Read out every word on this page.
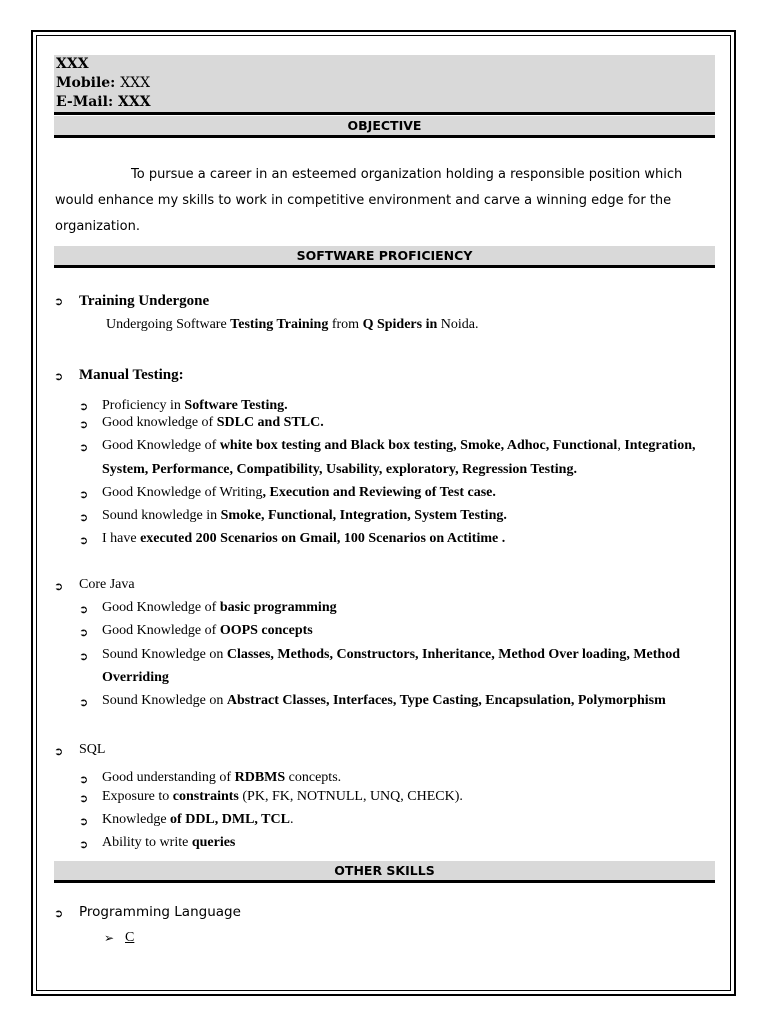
XXX
Mobile: XXX
E-Mail: XXX
OBJECTIVE
To pursue a career in an esteemed organization holding a responsible position which
would enhance my skills to work in competitive environment and carve a winning edge for the
organization.
SOFTWARE PROFICIENCY
➲ Training Undergone
Undergoing Software Testing Training from Q Spiders in Noida.
➲ Manual Testing:
➲ Proficiency in Software Testing.
➲ Good knowledge of SDLC and STLC.
➲ Good Knowledge of white box testing and Black box testing, Smoke, Adhoc, Functional, Integration,
System, Performance, Compatibility, Usability, exploratory, Regression Testing.
➲ Good Knowledge of Writing, Execution and Reviewing of Test case.
➲ Sound knowledge in Smoke, Functional, Integration, System Testing.
➲ I have executed 200 Scenarios on Gmail, 100 Scenarios on Actitime .
➲ Core Java
➲ Good Knowledge of basic programming
➲ Good Knowledge of OOPS concepts
➲ Sound Knowledge on Classes, Methods, Constructors, Inheritance, Method Over loading, Method
Overriding
➲ Sound Knowledge on Abstract Classes, Interfaces, Type Casting, Encapsulation, Polymorphism
➲ SQL
➲ Good understanding of RDBMS concepts.
➲ Exposure to constraints (PK, FK, NOTNULL, UNQ, CHECK).
➲ Knowledge of DDL, DML, TCL.
➲ Ability to write queries
OTHER SKILLS
➲ Programming Language
➢ C
